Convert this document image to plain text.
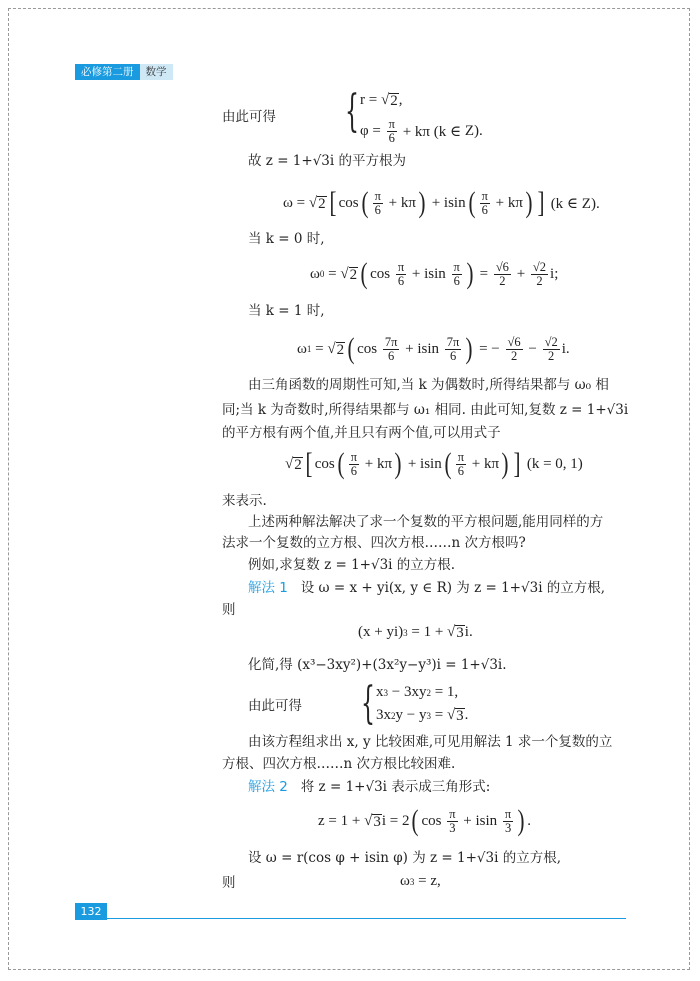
必修第二册	数学
由此可得 { r = √ 2 ,
$\varphi = \frac{\pi}{6} + k\pi$ (k ∈ Z ).
故 z = 1+√3i 的平方根为
ω = √ 2 [ cos ( $\frac{\pi}{6} + k\pi$ ) + isin ( $\frac{\pi}{6} + k\pi$ ) ] (k ∈ Z).
当 k = 0 时,
ω 0 = √ 2 ( $\cos \frac{\pi}{6} + isin \frac{\pi}{6}$ ) = $\frac{√6}{2} + \frac{√2}{2} i$;
当 k = 1 时,
ω 1 = √ 2 ( $\cos \frac{7\pi}{6} + isin \frac{7\pi}{6}$ ) = − $\frac{√6}{2} - \frac{√2}{2} i$.
由三角函数的周期性可知,当 k 为偶数时,所得结果都与 ω₀ 相
同;当 k 为奇数时,所得结果都与 ω₁ 相同. 由此可知,复数 z = 1+√3i
的平方根有两个值,并且只有两个值,可以用式子
√ 2 [ cos ( $\frac{\pi}{6} + k\pi$ ) + isin ( $\frac{\pi}{6} + k\pi$ ) ] (k = 0, 1)
来表示.
上述两种解法解决了求一个复数的平方根问题,能用同样的方
法求一个复数的立方根、四次方根……n 次方根吗?
例如,求复数 z = 1+√3i 的立方根.
解法 1 设 ω = x + yi(x, y ∈ R) 为 z = 1+√3i 的立方根,
则
(x + yi) 3 = 1 + √ 3 i.
化简,得 (x³−3xy²)+(3x²y−y³)i = 1+√3i.
由此可得 { x 3 − 3xy 2 = 1,
3x 2 y − y 3 = √ 3 .
由该方程组求出 x, y 比较困难,可见用解法 1 求一个复数的立
方根、四次方根……n 次方根比较困难.
解法 2 将 z = 1+√3i 表示成三角形式:
z = 1 + √ 3 i = 2 ( $\cos \frac{\pi}{3} + isin \frac{\pi}{3}$ ) .
设 ω = r(cos φ + isin φ) 为 z = 1+√3i 的立方根,
则	ω 3 = z,
132
